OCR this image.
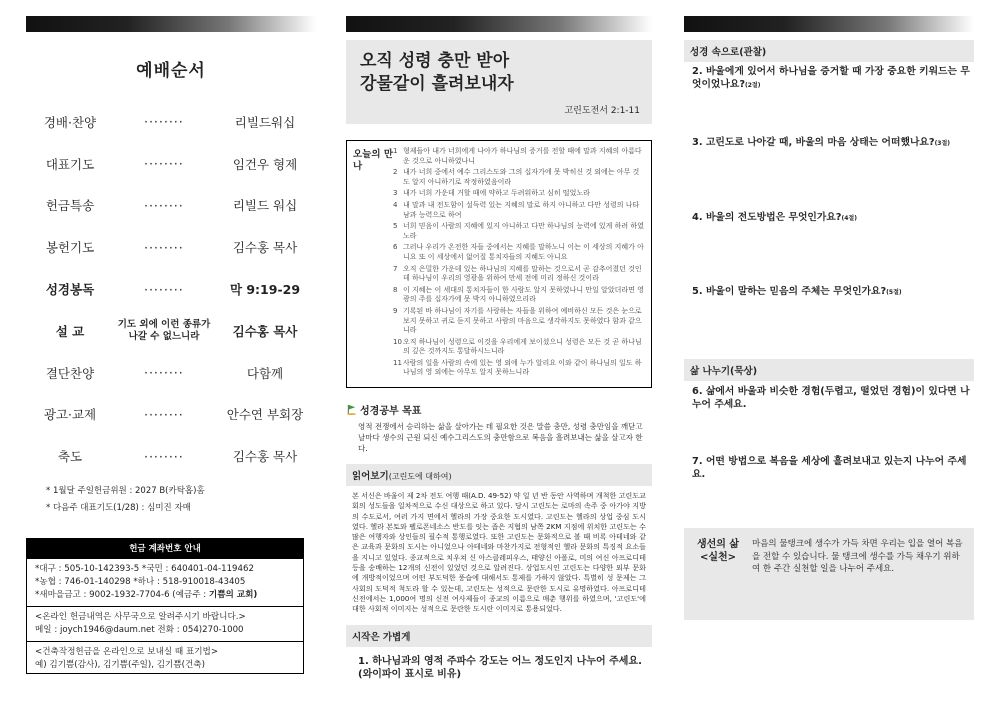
예배순서
경배·찬양	⋅⋅⋅⋅⋅⋅⋅⋅	리빌드워십
대표기도	⋅⋅⋅⋅⋅⋅⋅⋅	임건우 형제
헌금특송	⋅⋅⋅⋅⋅⋅⋅⋅	리빌드 워십
봉헌기도	⋅⋅⋅⋅⋅⋅⋅⋅	김수홍 목사
성경봉독	⋅⋅⋅⋅⋅⋅⋅⋅	막 9:19-29
설 교	기도 외에 이런 종류가 나갈 수 없느니라	김수홍 목사
결단찬양	⋅⋅⋅⋅⋅⋅⋅⋅	다함께
광고·교제	⋅⋅⋅⋅⋅⋅⋅⋅	안수연 부회장
축도	⋅⋅⋅⋅⋅⋅⋅⋅	김수홍 목사
* 1월달 주일헌금위원 : 2027 B(카탁홉)홈
* 다음주 대표기도(1/28) : 심미진 자매
헌금 계좌번호 안내
*대구 : 505-10-142393-5 *국민 : 640401-04-119462
*농협 : 746-01-140298 *하나 : 518-910018-43405
*새마을금고 : 9002-1932-7704-6 (예금주 : 기쁨의 교회)
<온라인 헌금내역은 사무국으로 알려주시기 바랍니다.>
메일 : joych1946@daum.net 전화 : 054)270-1000
<건축작정헌금을 온라인으로 보내실 때 표기법>
예) 김기쁨(감사), 김기쁨(주일), 김기쁨(건축)
오직 성령 충만 받아
강물같이 흘려보내자
고린도전서 2:1-11
오늘의 만나
1 형제들아 내가 너희에게 나아가 하나님의 증거를 전할 때에 말과 지혜의 아름다운 것으로 아니하였나니
2 내가 너희 중에서 예수 그리스도와 그의 십자가에 못 박히신 것 외에는 아무 것도 알지 아니하기로 작정하였음이라
3 내가 너희 가운데 거할 때에 약하고 두려워하고 심히 떨었노라
4 내 말과 내 전도함이 설득력 있는 지혜의 말로 하지 아니하고 다만 성령의 나타남과 능력으로 하여
5 너희 믿음이 사람의 지혜에 있지 아니하고 다만 하나님의 능력에 있게 하려 하였노라
6 그러나 우리가 온전한 자들 중에서는 지혜를 말하노니 이는 이 세상의 지혜가 아니요 또 이 세상에서 없어질 통치자들의 지혜도 아니요
7 오직 은밀한 가운데 있는 하나님의 지혜를 말하는 것으로서 곧 감추어졌던 것인데 하나님이 우리의 영광을 위하여 만세 전에 미리 정하신 것이라
8 이 지혜는 이 세대의 통치자들이 한 사람도 알지 못하였나니 만일 알았더라면 영광의 주를 십자가에 못 박지 아니하였으리라
9 기록된 바 하나님이 자기를 사랑하는 자들을 위하여 예비하신 모든 것은 눈으로 보지 못하고 귀로 듣지 못하고 사람의 마음으로 생각하지도 못하였다 함과 같으니라
10 오직 하나님이 성령으로 이것을 우리에게 보이셨으니 성령은 모든 것 곧 하나님의 깊은 것까지도 통달하시느니라
11 사람의 일을 사람의 속에 있는 영 외에 누가 알리요 이와 같이 하나님의 일도 하나님의 영 외에는 아무도 알지 못하느니라
성경공부 목표
영적 전쟁에서 승리하는 삶을 살아가는 데 필요한 것은 말씀 충만, 성령 충만임을 깨닫고 날마다 생수의 근원 되신 예수그리스도의 충만함으로 복음을 흘려보내는 삶을 살고자 한다.
읽어보기(고린도에 대하여)
본 서신은 바울이 제 2차 전도 여행 때(A.D. 49-52) 약 일 년 반 동안 사역하며 개척한 고린도교회의 성도들을 일차적으로 수신 대상으로 하고 있다. 당시 고린도는 로마의 속주 중 아가야 지방의 수도로서, 여러 가지 면에서 헬라의 가장 중요한 도시였다. 고린도는 헬라의 상업 중심 도시였다. 헬라 본토와 펠로폰네소스 반도를 잇는 좁은 지협의 남쪽 2KM 지점에 위치한 고린도는 수많은 여행자와 상인들의 필수적 통행로였다. 또한 고린도는 문화적으로 볼 때 비록 아테네와 같은 교육과 문화의 도시는 아니었으나 아테네와 마찬가지로 전형적인 헬라 문화의 특징적 요소들을 지니고 있었다. 종교적으로 치우쳐 신 아스클레피우스, 태양신 아폴로, 미의 여신 아프로디테 등을 숭배하는 12개의 신전이 있었던 것으로 알려진다. 상업도시인 고린도는 다양한 외부 문화에 개방적이었으며 어떤 부도덕한 풍습에 대해서도 통제를 가하지 않았다. 특별히 성 문제는 그 사회의 도덕적 척도라 할 수 있는데, 고린도는 성적으로 문란한 도시로 유명하였다. 아프로디테 신전에서는 1,000여 명의 신전 여사제들이 종교의 이름으로 매춘 행위를 하였으며, '고린도'에 대한 사회적 이미지는 성적으로 문란한 도시란 이미지로 통용되었다.
시작은 가볍게
1. 하나님과의 영적 주파수 강도는 어느 정도인지 나누어 주세요. (와이파이 표시로 비유)
성경 속으로(관찰)
2. 바울에게 있어서 하나님을 증거할 때 가장 중요한 키워드는 무엇이었나요?(2절)
3. 고린도로 나아갈 때, 바울의 마음 상태는 어떠했나요?(3절)
4. 바울의 전도방법은 무엇인가요?(4절)
5. 바울이 말하는 믿음의 주체는 무엇인가요?(5절)
삶 나누기(묵상)
6. 삶에서 바울과 비슷한 경험(두렵고, 떨었던 경험)이 있다면 나누어 주세요.
7. 어떤 방법으로 복음을 세상에 흘려보내고 있는지 나누어 주세요.
생선의 삶
<실천>
마음의 물탱크에 생수가 가득 차면 우리는 입을 열어 복음을 전할 수 있습니다. 물 탱크에 생수를 가득 채우기 위하여 한 주간 실천할 일을 나누어 주세요.
